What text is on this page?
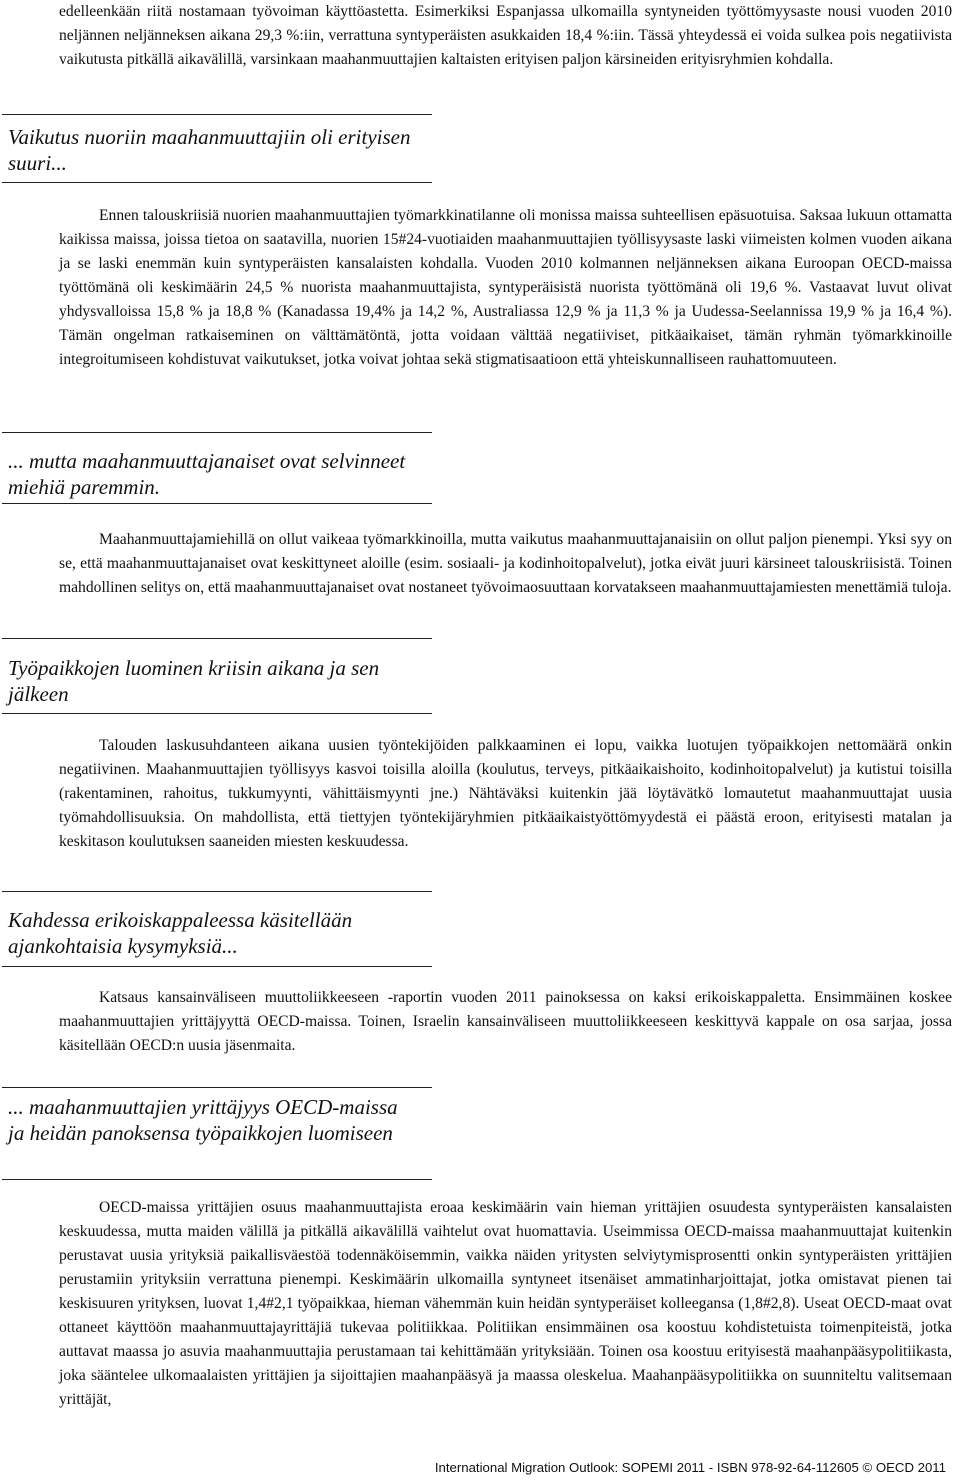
edelleenkään riitä nostamaan työvoiman käyttöastetta. Esimerkiksi Espanjassa ulkomailla syntyneiden työttömyysaste nousi vuoden 2010 neljännen neljänneksen aikana 29,3 %:iin, verrattuna syntyperäisten asukkaiden 18,4 %:iin. Tässä yhteydessä ei voida sulkea pois negatiivista vaikutusta pitkällä aikavälillä, varsinkaan maahanmuuttajien kaltaisten erityisen paljon kärsineiden erityisryhmien kohdalla.

Vaikutus nuoriin maahanmuuttajiin oli erityisen suuri...

Ennen talouskriisiä nuorien maahanmuuttajien työmarkkinatilanne oli monissa maissa suhteellisen epäsuotuisa. Saksaa lukuun ottamatta kaikissa maissa, joissa tietoa on saatavilla, nuorien 15#24-vuotiaiden maahanmuuttajien työllisyysaste laski viimeisten kolmen vuoden aikana ja se laski enemmän kuin syntyperäisten kansalaisten kohdalla. Vuoden 2010 kolmannen neljänneksen aikana Euroopan OECD-maissa työttömänä oli keskimäärin 24,5 % nuorista maahanmuuttajista, syntyperäisistä nuorista työttömänä oli 19,6 %. Vastaavat luvut olivat yhdysvalloissa 15,8 % ja 18,8 % (Kanadassa 19,4% ja 14,2 %, Australiassa 12,9 % ja 11,3 % ja Uudessa-Seelannissa 19,9 % ja 16,4 %). Tämän ongelman ratkaiseminen on välttämätöntä, jotta voidaan välttää negatiiviset, pitkäaikaiset, tämän ryhmän työmarkkinoille integroitumiseen kohdistuvat vaikutukset, jotka voivat johtaa sekä stigmatisaatioon että yhteiskunnalliseen rauhattomuuteen.

... mutta maahanmuuttajanaiset ovat selvinneet miehiä paremmin.

Maahanmuuttajamiehillä on ollut vaikeaa työmarkkinoilla, mutta vaikutus maahanmuuttajanaisiin on ollut paljon pienempi. Yksi syy on se, että maahanmuuttajanaiset ovat keskittyneet aloille (esim. sosiaali- ja kodinhoitopalvelut), jotka eivät juuri kärsineet talouskriisistä. Toinen mahdollinen selitys on, että maahanmuuttajanaiset ovat nostaneet työvoimaosuuttaan korvatakseen maahanmuuttajamiesten menettämiä tuloja.

Työpaikkojen luominen kriisin aikana ja sen jälkeen

Talouden laskusuhdanteen aikana uusien työntekijöiden palkkaaminen ei lopu, vaikka luotujen työpaikkojen nettomäärä onkin negatiivinen. Maahanmuuttajien työllisyys kasvoi toisilla aloilla (koulutus, terveys, pitkäaikaishoito, kodinhoitopalvelut) ja kutistui toisilla (rakentaminen, rahoitus, tukkumyynti, vähittäismyynti jne.) Nähtäväksi kuitenkin jää löytävätkö lomautetut maahanmuuttajat uusia työmahdollisuuksia. On mahdollista, että tiettyjen työntekijäryhmien pitkäaikaistyöttömyydestä ei päästä eroon, erityisesti matalan ja keskitason koulutuksen saaneiden miesten keskuudessa.

Kahdessa erikoiskappaleessa käsitellään ajankohtaisia kysymyksiä...

Katsaus kansainväliseen muuttoliikkeeseen -raportin vuoden 2011 painoksessa on kaksi erikoiskappaletta. Ensimmäinen koskee maahanmuuttajien yrittäjyyttä OECD-maissa. Toinen, Israelin kansainväliseen muuttoliikkeeseen keskittyvä kappale on osa sarjaa, jossa käsitellään OECD:n uusia jäsenmaita.

... maahanmuuttajien yrittäjyys OECD-maissa ja heidän panoksensa työpaikkojen luomiseen

OECD-maissa yrittäjien osuus maahanmuuttajista eroaa keskimäärin vain hieman yrittäjien osuudesta syntyperäisten kansalaisten keskuudessa, mutta maiden välillä ja pitkällä aikavälillä vaihtelut ovat huomattavia. Useimmissa OECD-maissa maahanmuuttajat kuitenkin perustavat uusia yrityksiä paikallisväestöä todennäköisemmin, vaikka näiden yritysten selviytymisprosentti onkin syntyperäisten yrittäjien perustamiin yrityksiin verrattuna pienempi. Keskimäärin ulkomailla syntyneet itsenäiset ammatinharjoittajat, jotka omistavat pienen tai keskisuuren yrityksen, luovat 1,4#2,1 työpaikkaa, hieman vähemmän kuin heidän syntyperäiset kolleegansa (1,8#2,8). Useat OECD-maat ovat ottaneet käyttöön maahanmuuttajayrittäjiä tukevaa politiikkaa. Politiikan ensimmäinen osa koostuu kohdistetuista toimenpiteistä, jotka auttavat maassa jo asuvia maahanmuuttajia perustamaan tai kehittämään yrityksiään. Toinen osa koostuu erityisestä maahanpääsypolitiikasta, joka sääntelee ulkomaalaisten yrittäjien ja sijoittajien maahanpääsyä ja maassa oleskelua. Maahanpääsypolitiikka on suunniteltu valitsemaan yrittäjät,

International Migration Outlook: SOPEMI 2011 - ISBN 978-92-64-112605 © OECD 2011
